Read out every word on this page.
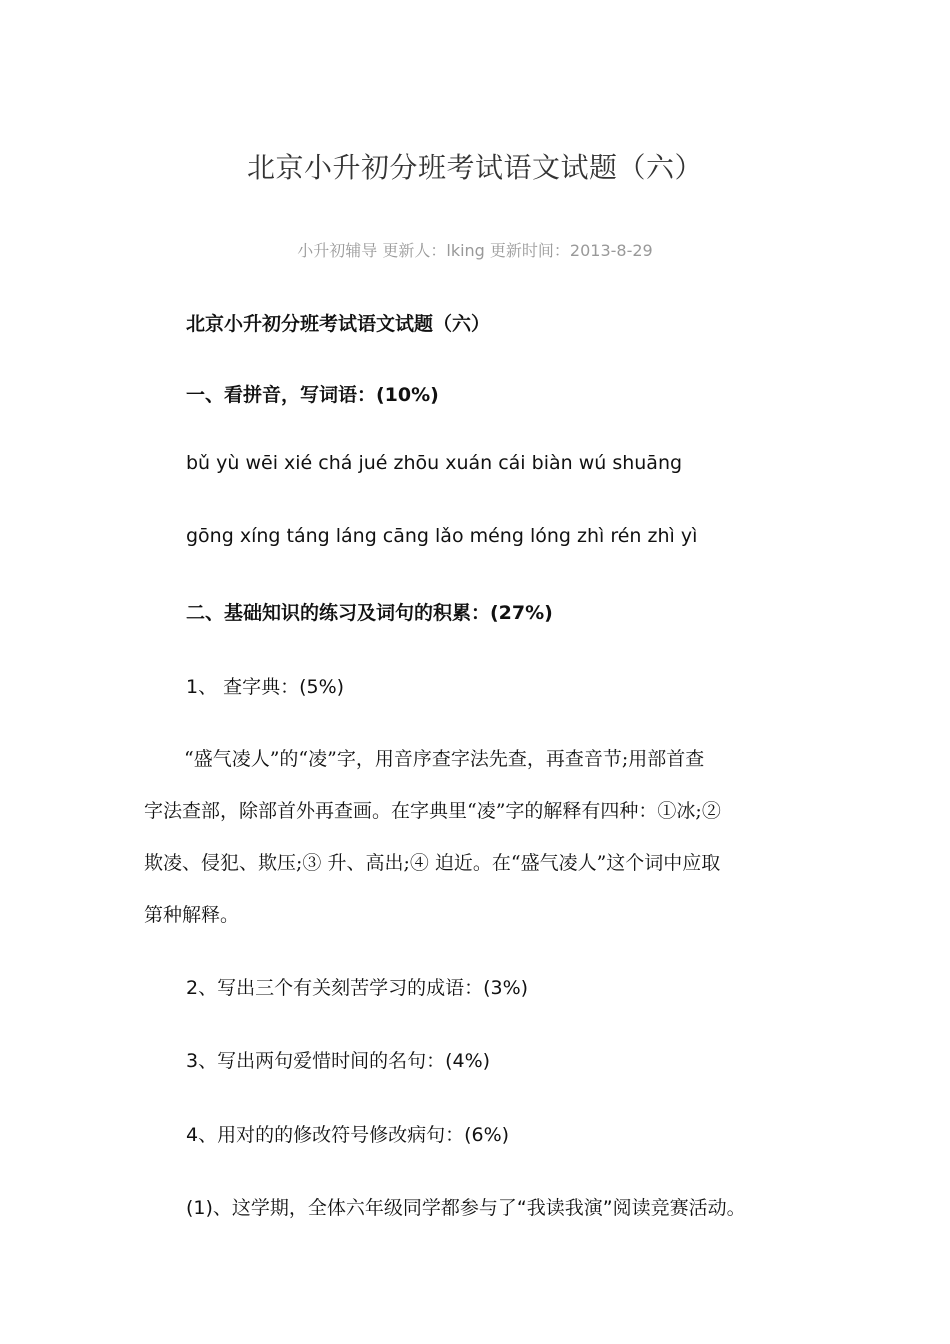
北京小升初分班考试语文试题（六）
小升初辅导 更新人：lking 更新时间：2013-8-29
北京小升初分班考试语文试题（六）
一、看拼音，写词语：(10%)
bǔ yù wēi xié chá jué zhōu xuán cái biàn wú shuāng
gōng xíng táng láng cāng lǎo méng lóng zhì rén zhì yì
二、基础知识的练习及词句的积累：(27%)
1、 查字典：(5%)
“盛气凌人”的“凌”字，用音序查字法先查，再查音节;用部首查
字法查部，除部首外再查画。在字典里“凌”字的解释有四种：①冰;②
欺凌、侵犯、欺压;③ 升、高出;④ 迫近。在“盛气凌人”这个词中应取
第种解释。
2、写出三个有关刻苦学习的成语：(3%)
3、写出两句爱惜时间的名句：(4%)
4、用对的的修改符号修改病句：(6%)
(1)、这学期，全体六年级同学都参与了“我读我演”阅读竞赛活动。
